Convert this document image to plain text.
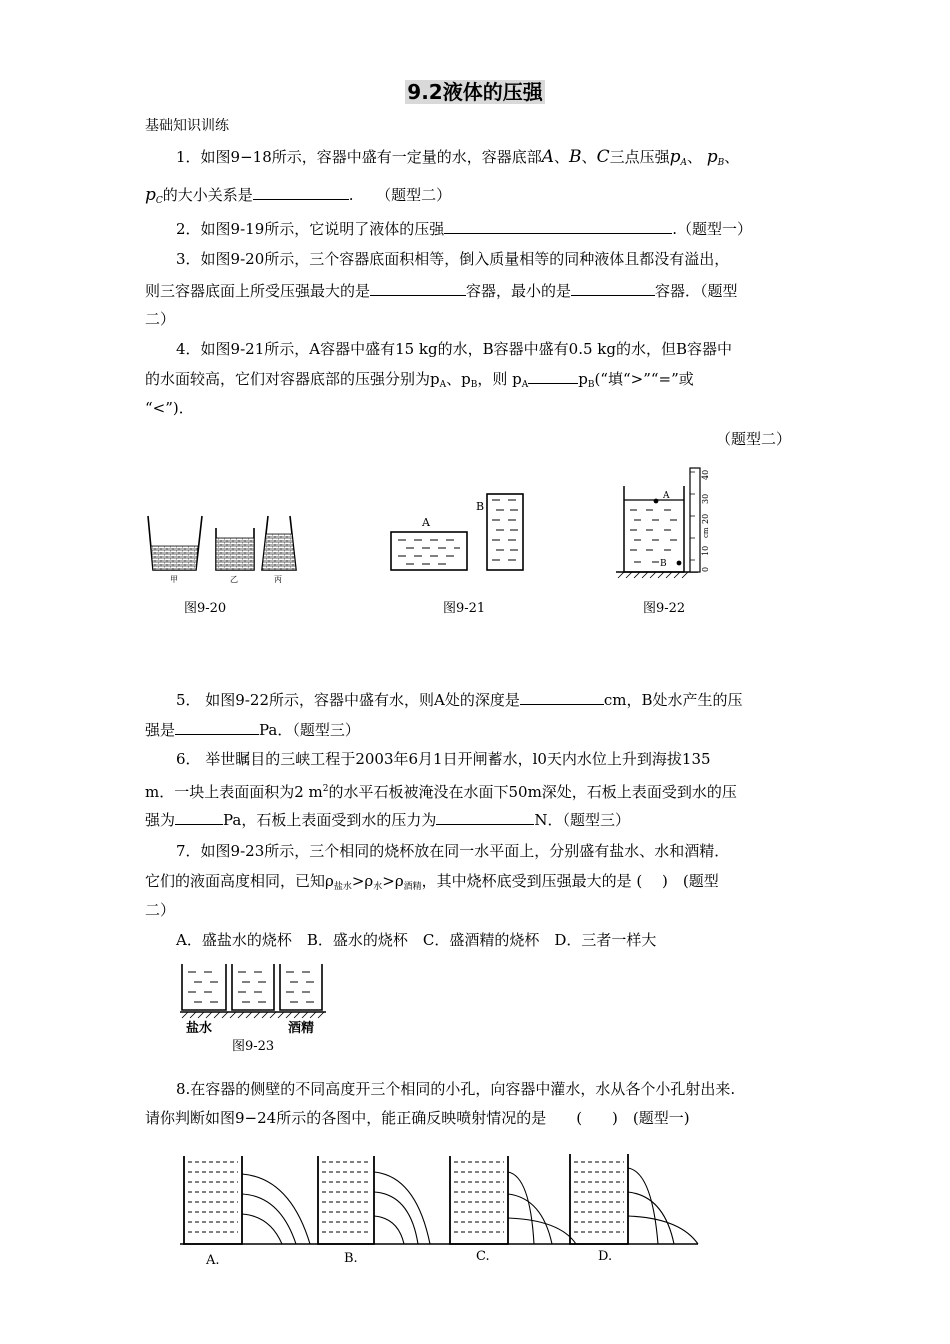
9.2液体的压强
基础知识训练
1．如图9−18所示，容器中盛有一定量的水，容器底部A、B、C三点压强$p_A$、 $p_B$、
$p_C$的大小关系是	.　　（题型二）
2．如图9-19所示，它说明了液体的压强	.（题型一）
3．如图9-20所示，三个容器底面积相等，倒入质量相等的同种液体且都没有溢出，
则三容器底面上所受压强最大的是	容器，最小的是	容器．（题型
二）
4．如图9-21所示，A容器中盛有15 kg的水，B容器中盛有0.5 kg的水，但B容器中
的水面较高，它们对容器底部的压强分别为$p_A$、$p_B$，则 $p_A$	$p_B(“$填“>”“=”或
“<”)．
（题型二）
甲	乙	丙
图9-20
A
B
图9-21
A
B
40
30
20
cm
10
0
图9-22
5． 如图9-22所示，容器中盛有水，则A处的深度是	cm，B处水产生的压
强是	Pa．（题型三）
6． 举世瞩目的三峡工程于2003年6月1日开闸蓄水，l0天内水位上升到海拔135
m．一块上表面面积为2 $m^2$的水平石板被淹没在水面下50m深处，石板上表面受到水的压
强为	Pa，石板上表面受到水的压力为	N．（题型三）
7．如图9-23所示，三个相同的烧杯放在同一水平面上，分别盛有盐水、水和酒精．
它们的液面高度相同，已知$\rho_{盐水}>\rho_水>\rho_{酒精}$，其中烧杯底受到压强最大的是 (　 )　(题型
二）
A．盛盐水的烧杯　B．盛水的烧杯　C．盛酒精的烧杯　D．三者一样大
盐水	水 酒精
图9-23
8.在容器的侧壁的不同高度开三个相同的小孔，向容器中灌水，水从各个小孔射出来.
请你判断如图9−24所示的各图中，能正确反映喷射情况的是　　(　　)　(题型一)
A.	B.	C.	D.
